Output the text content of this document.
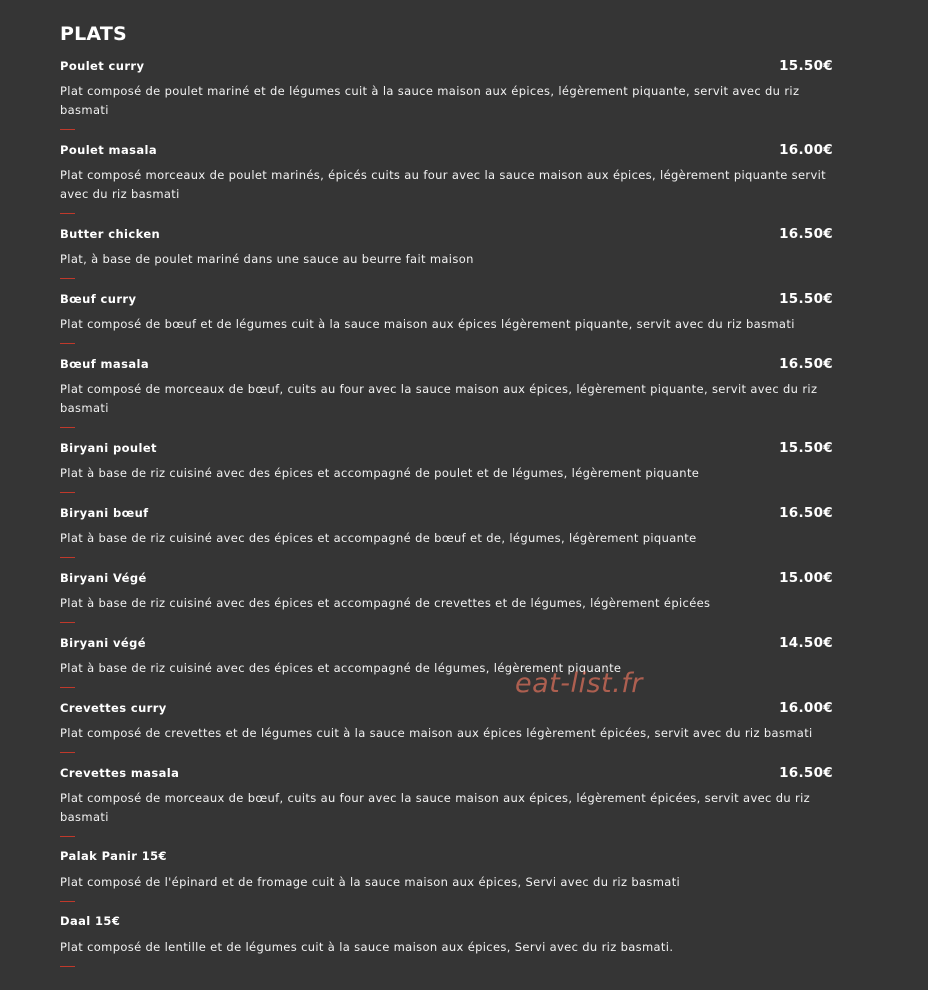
PLATS
Poulet curry	15.50€
Plat composé de poulet mariné et de légumes cuit à la sauce maison aux épices, légèrement piquante, servit avec du riz basmati
Poulet masala	16.00€
Plat composé morceaux de poulet marinés, épicés cuits au four avec la sauce maison aux épices, légèrement piquante servit avec du riz basmati
Butter chicken	16.50€
Plat, à base de poulet mariné dans une sauce au beurre fait maison
Bœuf curry	15.50€
Plat composé de bœuf et de légumes cuit à la sauce maison aux épices légèrement piquante, servit avec du riz basmati
Bœuf masala	16.50€
Plat composé de morceaux de bœuf, cuits au four avec la sauce maison aux épices, légèrement piquante, servit avec du riz basmati
Biryani poulet	15.50€
Plat à base de riz cuisiné avec des épices et accompagné de poulet et de légumes, légèrement piquante
Biryani bœuf	16.50€
Plat à base de riz cuisiné avec des épices et accompagné de bœuf et de, légumes, légèrement piquante
Biryani Végé	15.00€
Plat à base de riz cuisiné avec des épices et accompagné de crevettes et de légumes, légèrement épicées
Biryani végé	14.50€
Plat à base de riz cuisiné avec des épices et accompagné de légumes, légèrement piquante
Crevettes curry	16.00€
Plat composé de crevettes et de légumes cuit à la sauce maison aux épices légèrement épicées, servit avec du riz basmati
Crevettes masala	16.50€
Plat composé de morceaux de bœuf, cuits au four avec la sauce maison aux épices, légèrement épicées, servit avec du riz basmati
Palak Panir 15€
Plat composé de l'épinard et de fromage cuit à la sauce maison aux épices, Servi avec du riz basmati
Daal 15€
Plat composé de lentille et de légumes cuit à la sauce maison aux épices, Servi avec du riz basmati.
eat-list.fr
